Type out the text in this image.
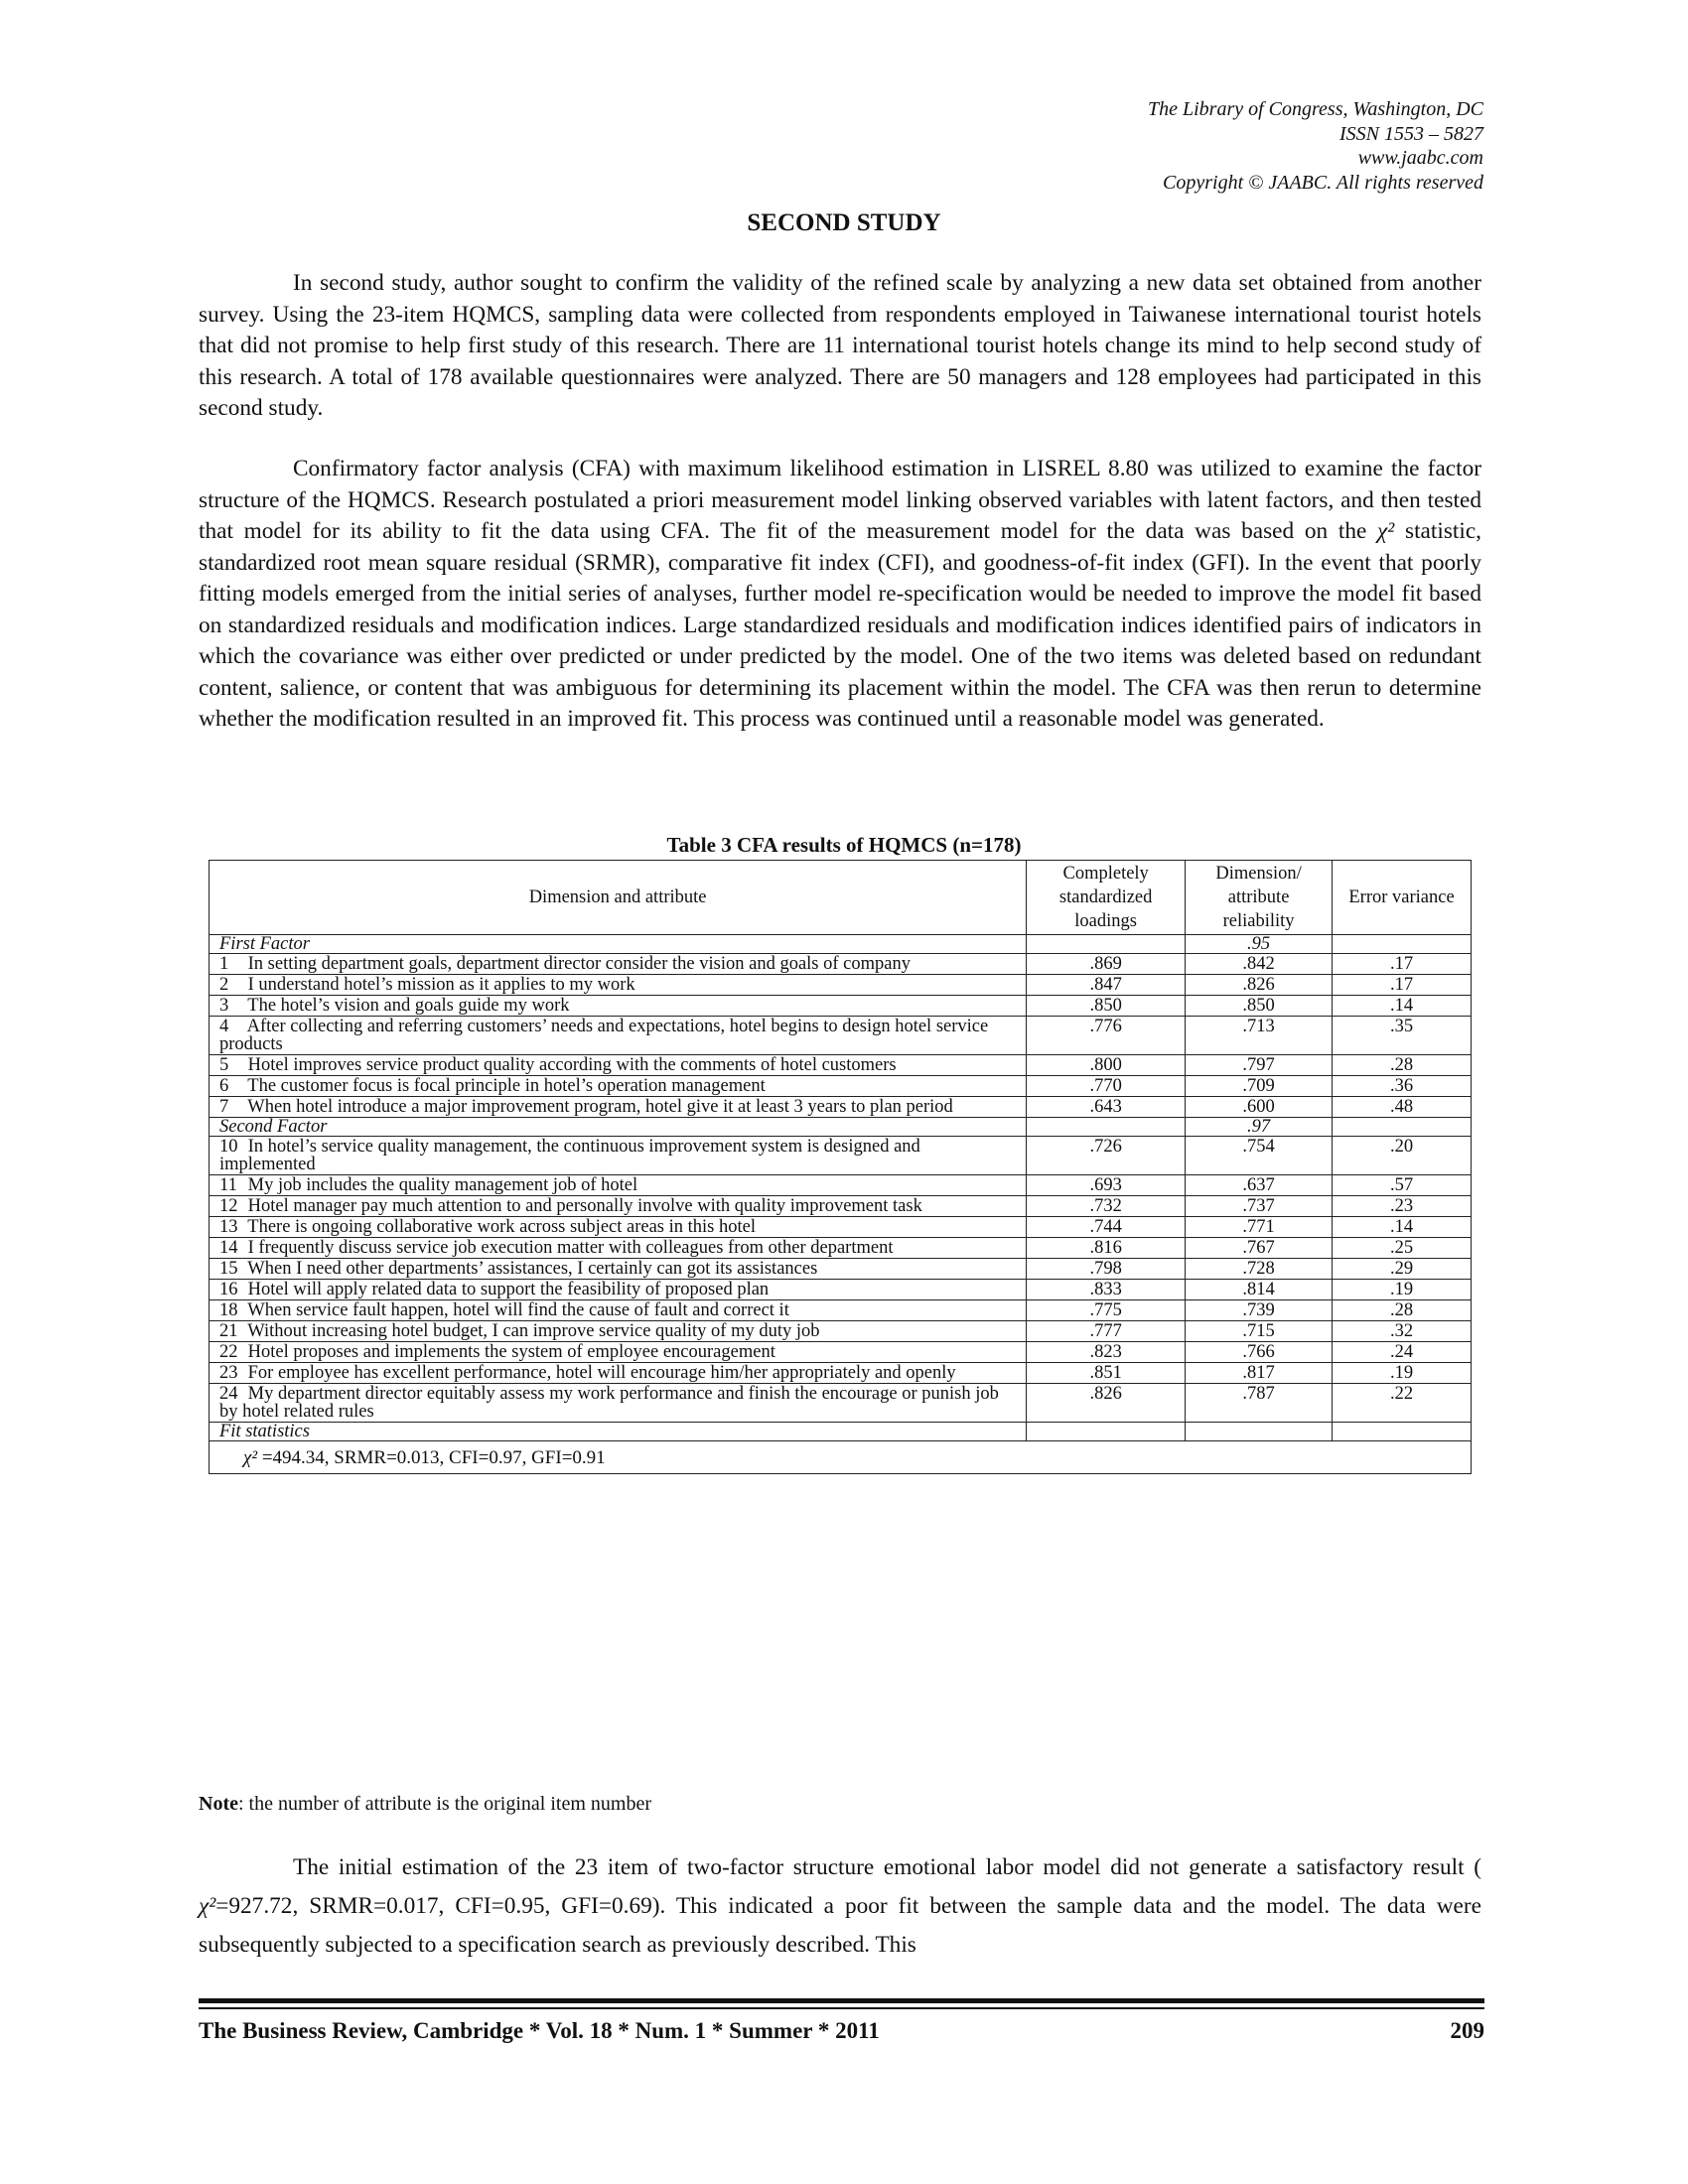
The Library of Congress, Washington, DC
ISSN 1553 – 5827
www.jaabc.com
Copyright © JAABC. All rights reserved
SECOND STUDY

In second study, author sought to confirm the validity of the refined scale by analyzing a new data set obtained from another survey. Using the 23-item HQMCS, sampling data were collected from respondents employed in Taiwanese international tourist hotels that did not promise to help first study of this research. There are 11 international tourist hotels change its mind to help second study of this research. A total of 178 available questionnaires were analyzed. There are 50 managers and 128 employees had participated in this second study.

Confirmatory factor analysis (CFA) with maximum likelihood estimation in LISREL 8.80 was utilized to examine the factor structure of the HQMCS. Research postulated a priori measurement model linking observed variables with latent factors, and then tested that model for its ability to fit the data using CFA. The fit of the measurement model for the data was based on the χ² statistic, standardized root mean square residual (SRMR), comparative fit index (CFI), and goodness-of-fit index (GFI). In the event that poorly fitting models emerged from the initial series of analyses, further model re-specification would be needed to improve the model fit based on standardized residuals and modification indices. Large standardized residuals and modification indices identified pairs of indicators in which the covariance was either over predicted or under predicted by the model. One of the two items was deleted based on redundant content, salience, or content that was ambiguous for determining its placement within the model. The CFA was then rerun to determine whether the modification resulted in an improved fit. This process was continued until a reasonable model was generated.

Table 3 CFA results of HQMCS (n=178)
Dimension and attribute	Completely standardized loadings	Dimension/ attribute reliability	Error variance
First Factor		.95	
1 In setting department goals, department director consider the vision and goals of company	.869	.842	.17
2 I understand hotel’s mission as it applies to my work	.847	.826	.17
3 The hotel’s vision and goals guide my work	.850	.850	.14
4 After collecting and referring customers’ needs and expectations, hotel begins to design hotel service products	.776	.713	.35
5 Hotel improves service product quality according with the comments of hotel customers	.800	.797	.28
6 The customer focus is focal principle in hotel’s operation management	.770	.709	.36
7 When hotel introduce a major improvement program, hotel give it at least 3 years to plan period	.643	.600	.48
Second Factor		.97	
10 In hotel’s service quality management, the continuous improvement system is designed and implemented	.726	.754	.20
11 My job includes the quality management job of hotel	.693	.637	.57
12 Hotel manager pay much attention to and personally involve with quality improvement task	.732	.737	.23
13 There is ongoing collaborative work across subject areas in this hotel	.744	.771	.14
14 I frequently discuss service job execution matter with colleagues from other department	.816	.767	.25
15 When I need other departments’ assistances, I certainly can got its assistances	.798	.728	.29
16 Hotel will apply related data to support the feasibility of proposed plan	.833	.814	.19
18 When service fault happen, hotel will find the cause of fault and correct it	.775	.739	.28
21 Without increasing hotel budget, I can improve service quality of my duty job	.777	.715	.32
22 Hotel proposes and implements the system of employee encouragement	.823	.766	.24
23 For employee has excellent performance, hotel will encourage him/her appropriately and openly	.851	.817	.19
24 My department director equitably assess my work performance and finish the encourage or punish job by hotel related rules	.826	.787	.22
Fit statistics			
χ² =494.34, SRMR=0.013, CFI=0.97, GFI=0.91			
Note: the number of attribute is the original item number

The initial estimation of the 23 item of two-factor structure emotional labor model did not generate a satisfactory result ( χ²=927.72, SRMR=0.017, CFI=0.95, GFI=0.69). This indicated a poor fit between the sample data and the model. The data were subsequently subjected to a specification search as previously described. This

The Business Review, Cambridge * Vol. 18 * Num. 1 * Summer * 2011	209
